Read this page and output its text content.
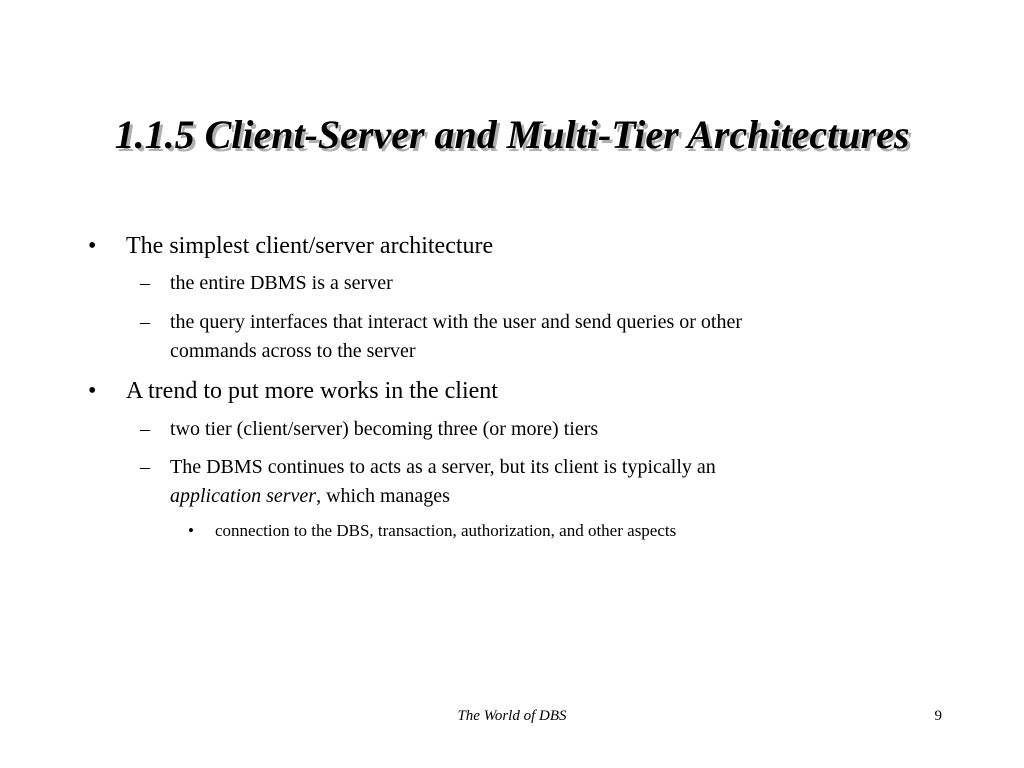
1.1.5 Client-Server and Multi-Tier Architectures
• The simplest client/server architecture
– the entire DBMS is a server
– the query interfaces that interact with the user and send queries or other
commands across to the server
• A trend to put more works in the client
– two tier (client/server) becoming three (or more) tiers
– The DBMS continues to acts as a server, but its client is typically an
application server, which manages
• connection to the DBS, transaction, authorization, and other aspects
The World of DBS	9
